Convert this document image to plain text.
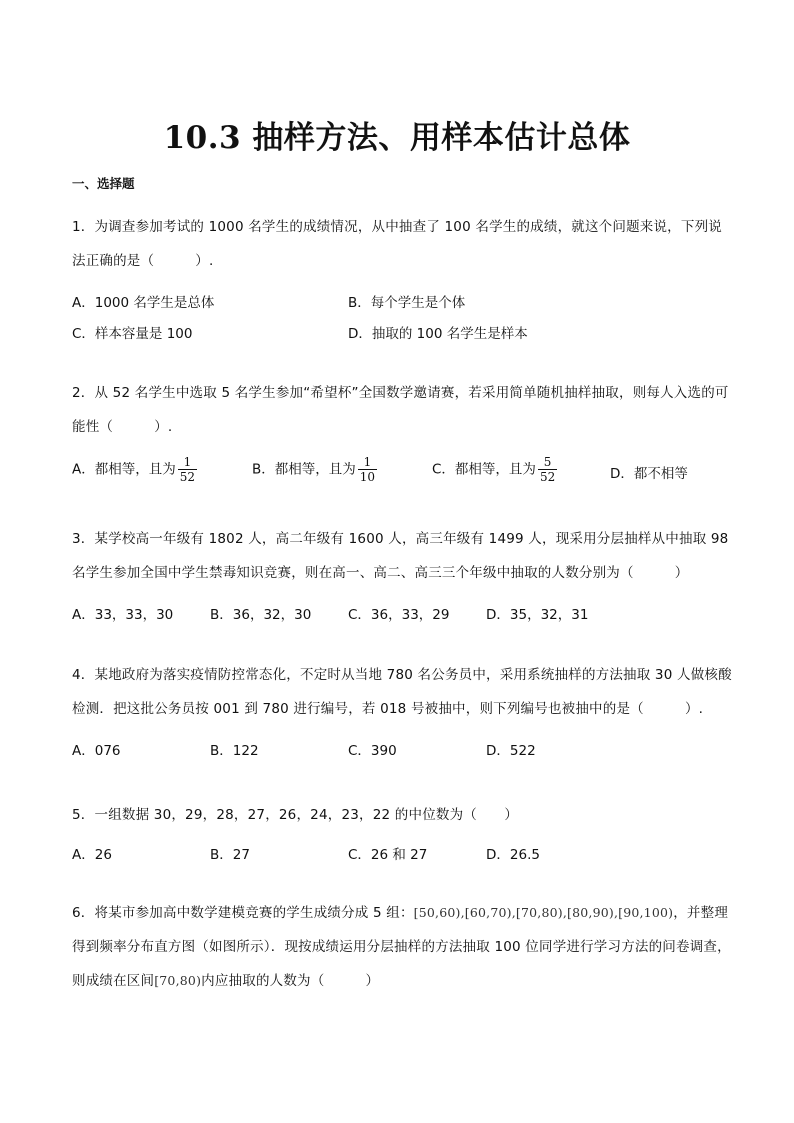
10.3 抽样方法、用样本估计总体
一、选择题
1．为调查参加考试的 1000 名学生的成绩情况，从中抽查了 100 名学生的成绩，就这个问题来说，下列说法正确的是（　　　）.
A．1000 名学生是总体	B．每个学生是个体
C．样本容量是 100	D．抽取的 100 名学生是样本
2．从 52 名学生中选取 5 名学生参加“希望杯”全国数学邀请赛，若采用简单随机抽样抽取，则每人入选的可能性（　　　）.
A．都相等，且为 $\frac{1}{52}$	B．都相等，且为 $\frac{1}{10}$	C．都相等，且为 $\frac{5}{52}$	D．都不相等
3．某学校高一年级有 1802 人，高二年级有 1600 人，高三年级有 1499 人，现采用分层抽样从中抽取 98 名学生参加全国中学生禁毒知识竞赛，则在高一、高二、高三三个年级中抽取的人数分别为（　　　）
A．33，33，30	B．36，32，30	C．36，33，29	D．35，32，31
4．某地政府为落实疫情防控常态化，不定时从当地 780 名公务员中，采用系统抽样的方法抽取 30 人做核酸检测．把这批公务员按 001 到 780 进行编号，若 018 号被抽中，则下列编号也被抽中的是（　　　）.
A．076	B．122	C．390	D．522
5．一组数据 30，29，28，27，26，24，23，22 的中位数为（　　）
A．26	B．27	C．26 和 27	D．26.5
6．将某市参加高中数学建模竞赛的学生成绩分成 5 组：[50,60),[60,70),[70,80),[80,90),[90,100)，并整理得到频率分布直方图（如图所示）．现按成绩运用分层抽样的方法抽取 100 位同学进行学习方法的问卷调查，则成绩在区间[70,80)内应抽取的人数为（　　　）
